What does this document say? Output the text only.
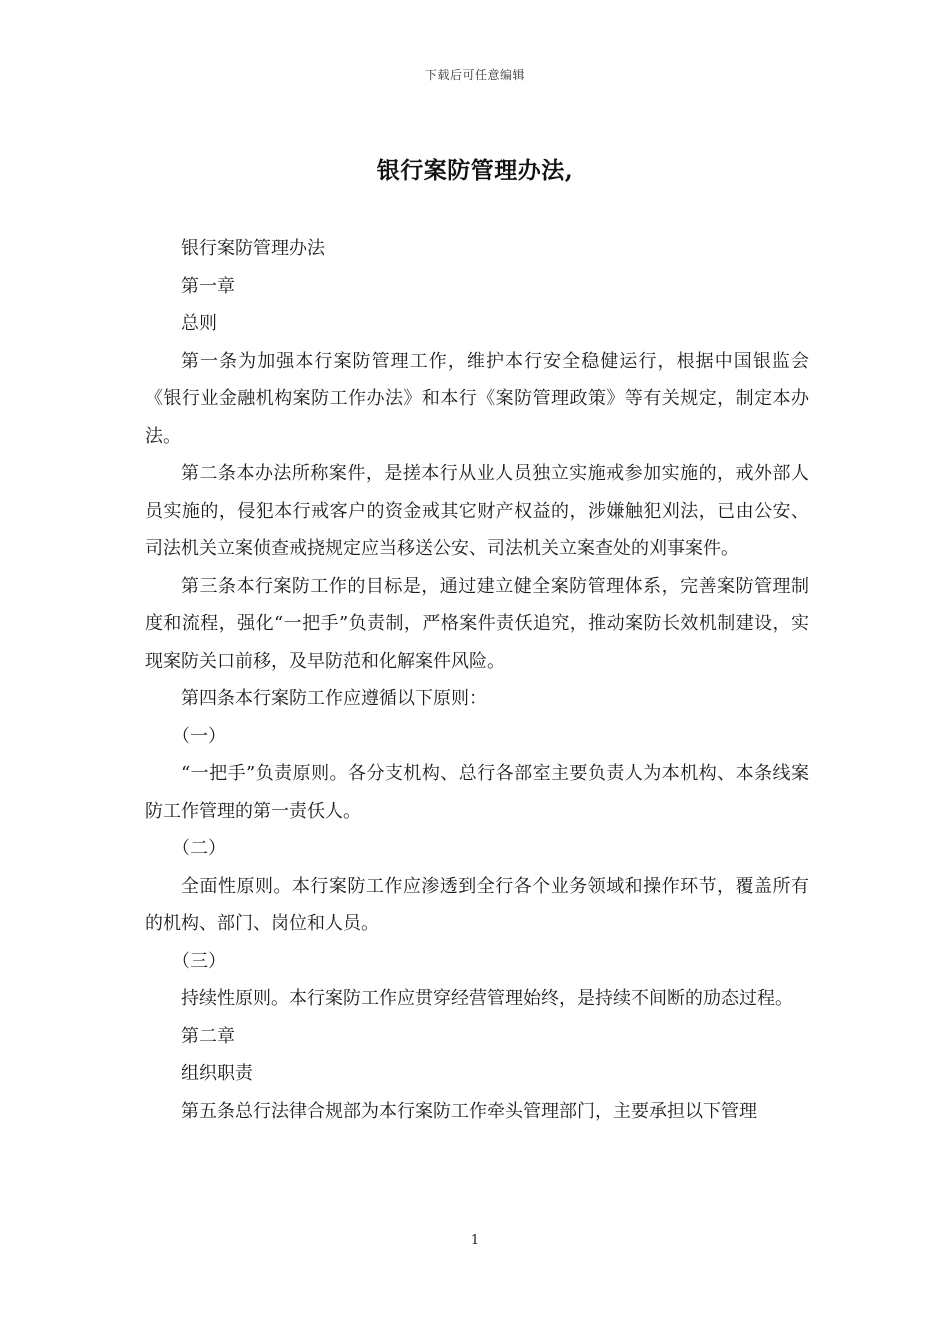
下载后可任意编辑
银行案防管理办法,

银行案防管理办法

第一章

总则

第一条为加强本行案防管理工作，维护本行安全稳健运行，根据中国银监会《银行业金融机构案防工作办法》和本行《案防管理政策》等有关规定，制定本办法。

第二条本办法所称案件，是搓本行从业人员独立实施戒参加实施的，戒外部人员实施的，侵犯本行戒客户的资金戒其它财产权益的，涉嫌触犯刈法，已由公安、司法机关立案侦查戒挠规定应当移送公安、司法机关立案查处的刈事案件。

第三条本行案防工作的目标是，通过建立健全案防管理体系，完善案防管理制度和流程，强化“一把手”负责制，严格案件责仸追究，推动案防长效机制建设，实现案防关口前移，及早防范和化解案件风险。

第四条本行案防工作应遵循以下原则：

（一）

“一把手”负责原则。各分支机构、总行各部室主要负责人为本机构、本条线案防工作管理的第一责仸人。

（二）

全面性原则。本行案防工作应渗透到全行各个业务领域和操作环节，覆盖所有的机构、部门、岗位和人员。

（三）

持续性原则。本行案防工作应贯穿经营管理始终，是持续不间断的劢态过程。

第二章

组织职责

第五条总行法律合规部为本行案防工作牵头管理部门，主要承担以下管理

1
